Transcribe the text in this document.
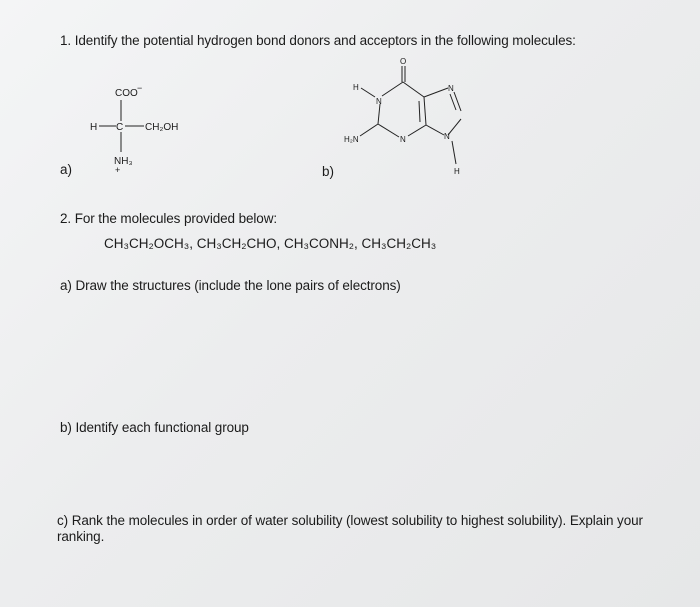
1. Identify the potential hydrogen bond donors and acceptors in the following molecules:
COO −
H C CH₂OH
NH₃
+
a)
O
H
N
N
N	N
H
H₂N
b)
2. For the molecules provided below:
CH₃CH₂OCH₃, CH₃CH₂CHO, CH₃CONH₂, CH₃CH₂CH₃
a) Draw the structures (include the lone pairs of electrons)
b) Identify each functional group
c) Rank the molecules in order of water solubility (lowest solubility to highest solubility). Explain your ranking.
